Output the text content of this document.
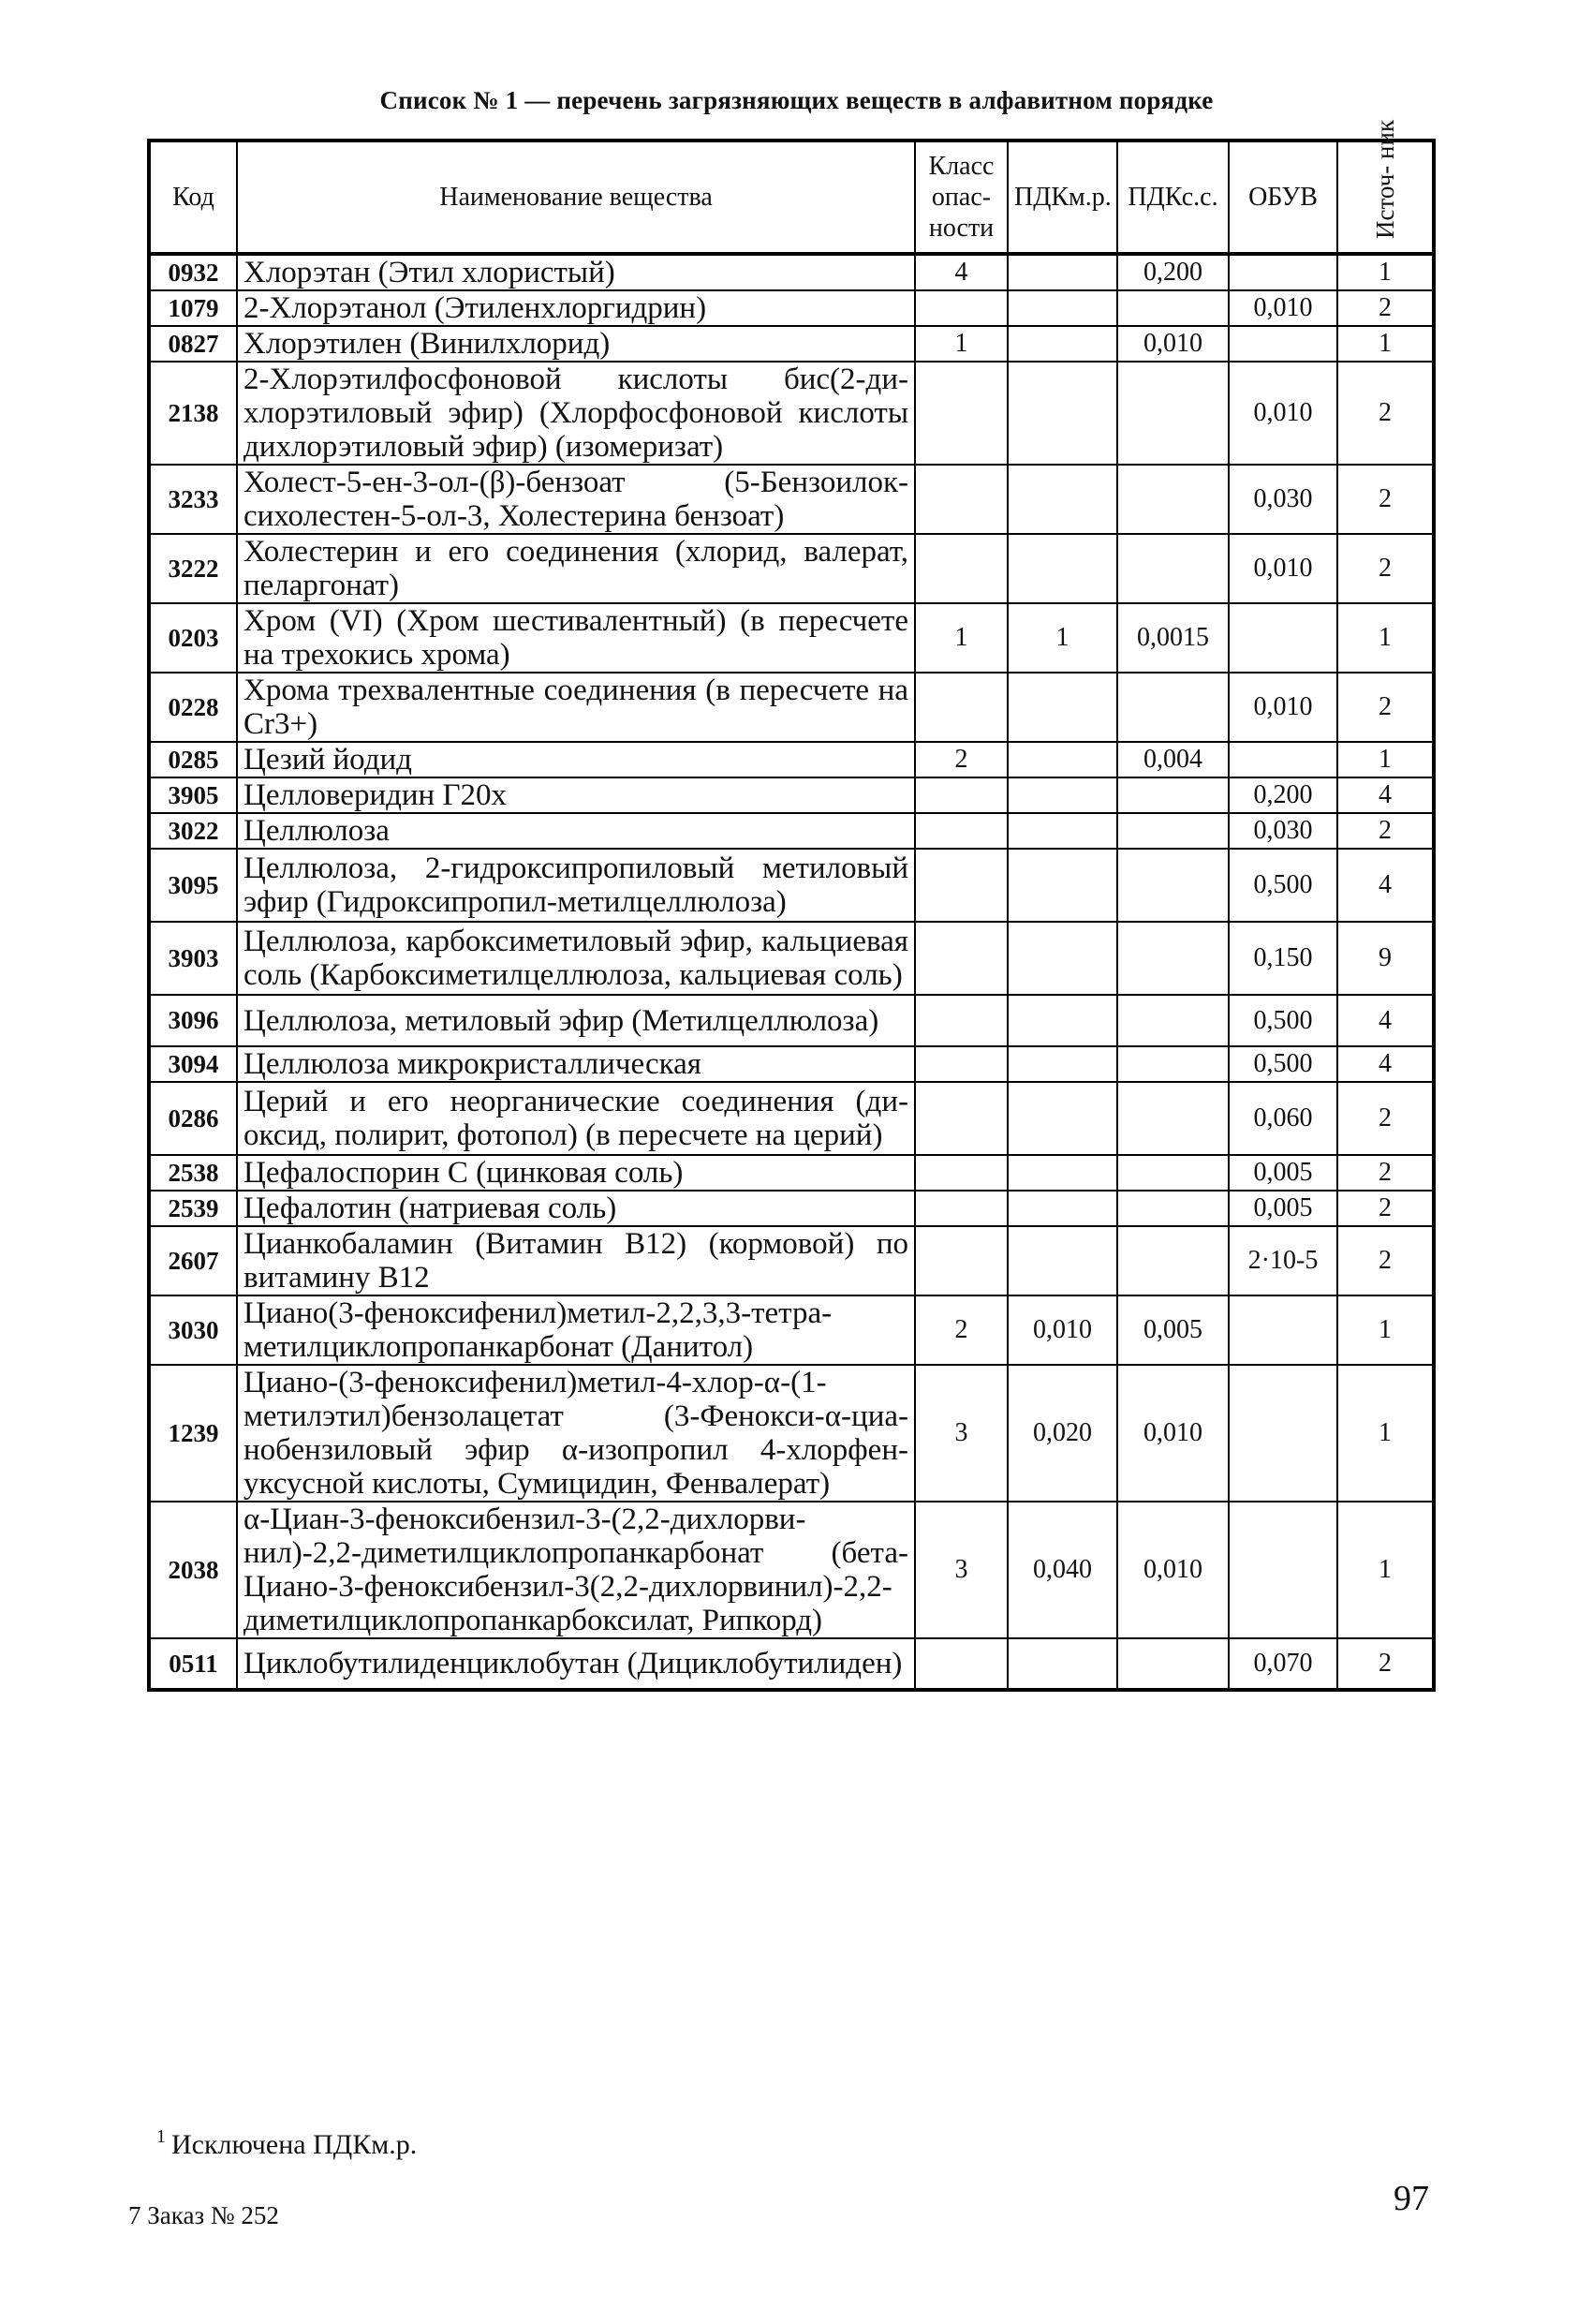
Список № 1 — перечень загрязняющих веществ в алфавитном порядке
Код	Наименование вещества	Класс опас- ности	ПДКм.р.	ПДКс.с.	ОБУВ	Источ- ник

0932	Хлорэтан (Этил хлористый)	4		0,200		1
1079	2-Хлорэтанол (Этиленхлоргидрин)				0,010	2
0827	Хлорэтилен (Винилхлорид)	1		0,010		1
2138	2-Хлорэтилфосфоновой кислоты бис(2-дихлорэтиловый эфир) (Хлорфосфоновой кислоты дихлорэтиловый эфир) (изомеризат)				0,010	2
3233	Холест-5-ен-3-ол-(β)-бензоат (5-Бензоилоксихолестен-5-ол-3, Холестерина бензоат)				0,030	2
3222	Холестерин и его соединения (хлорид, валерат, пеларгонат)				0,010	2
0203	Хром (VI) (Хром шестивалентный) (в пересчете на трехокись хрома)	1	1	0,0015		1
0228	Хрома трехвалентные соединения (в пересчете на Cr3+)				0,010	2
0285	Цезий йодид	2		0,004		1
3905	Целловеридин Г20х				0,200	4
3022	Целлюлоза				0,030	2
3095	Целлюлоза, 2-гидроксипропиловый метиловый эфир (Гидроксипропил-метилцеллюлоза)				0,500	4
3903	Целлюлоза, карбоксиметиловый эфир, кальциевая соль (Карбоксиметилцеллюлоза, кальциевая соль)				0,150	9
3096	Целлюлоза, метиловый эфир (Метилцеллюлоза)				0,500	4
3094	Целлюлоза микрокристаллическая				0,500	4
0286	Церий и его неорганические соединения (диоксид, полирит, фотопол) (в пересчете на церий)				0,060	2
2538	Цефалоспорин С (цинковая соль)				0,005	2
2539	Цефалотин (натриевая соль)				0,005	2
2607	Цианкобаламин (Витамин B12) (кормовой) по витамину B12				2·10-5	2
3030	Циано(3-феноксифенил)метил-2,2,3,3-тетраметилциклопропанкарбонат (Данитол)	2	0,010	0,005		1
1239	Циано-(3-феноксифенил)метил-4-хлор-α-(1-метилэтил)бензолацетат (3-Фенокси-α-цианобензиловый эфир α-изопропил 4-хлорфенуксусной кислоты, Сумицидин, Фенвалерат)	3	0,020	0,010		1
2038	α-Циан-3-феноксибензил-3-(2,2-дихлорвинил)-2,2-диметилциклопропанкарбонат (бета-Циано-3-феноксибензил-3(2,2-дихлорвинил)-2,2-диметилциклопропанкарбоксилат, Рипкорд)	3	0,040	0,010		1
0511	Циклобутилиденциклобутан (Дициклобутилиден)				0,070	2
$^1$ Исключена ПДКм.р.
7 Заказ № 252	97
